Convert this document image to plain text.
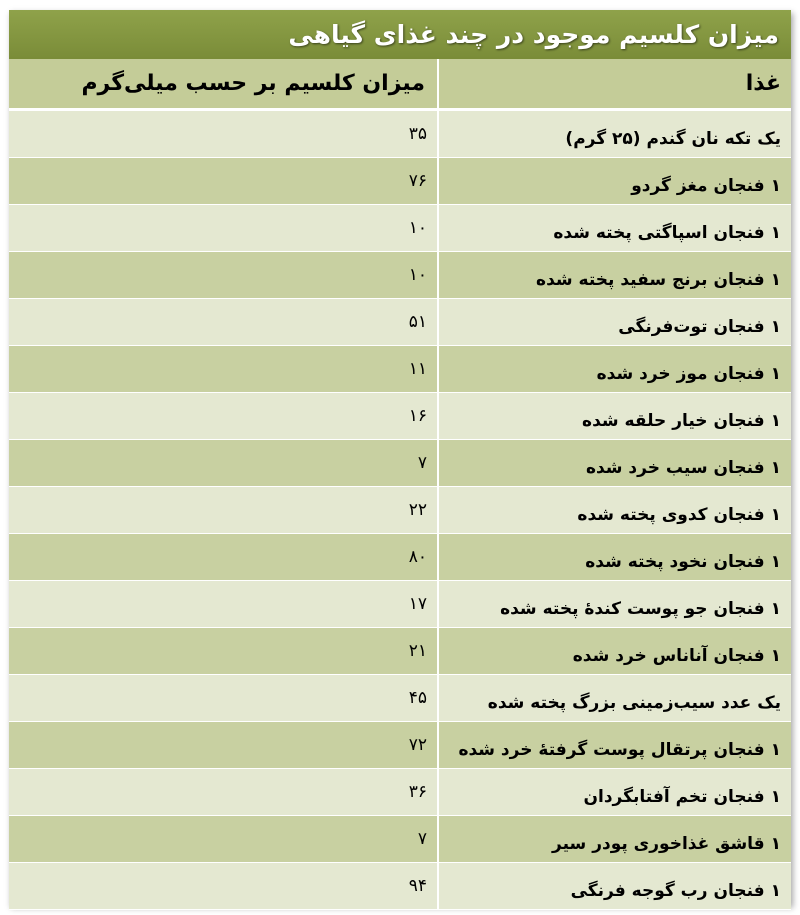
میزان کلسیم موجود در چند غذای گیاهی
غذا
میزان کلسیم بر حسب میلی‌گرم
یک تکه نان گندم (۲۵ گرم)
۳۵
۱ فنجان مغز گردو
۷۶
۱ فنجان اسپاگتی پخته شده
۱۰
۱ فنجان برنج سفید پخته شده
۱۰
۱ فنجان توت‌فرنگی
۵۱
۱ فنجان موز خرد شده
۱۱
۱ فنجان خیار حلقه شده
۱۶
۱ فنجان سیب خرد شده
۷
۱ فنجان کدوی پخته شده
۲۲
۱ فنجان نخود پخته شده
۸۰
۱ فنجان جو پوست کندهٔ پخته شده
۱۷
۱ فنجان آناناس خرد شده
۲۱
یک عدد سیب‌زمینی بزرگ پخته شده
۴۵
۱ فنجان پرتقال پوست گرفتهٔ خرد شده
۷۲
۱ فنجان تخم آفتابگردان
۳۶
۱ قاشق غذاخوری پودر سیر
۷
۱ فنجان رب گوجه فرنگی
۹۴
